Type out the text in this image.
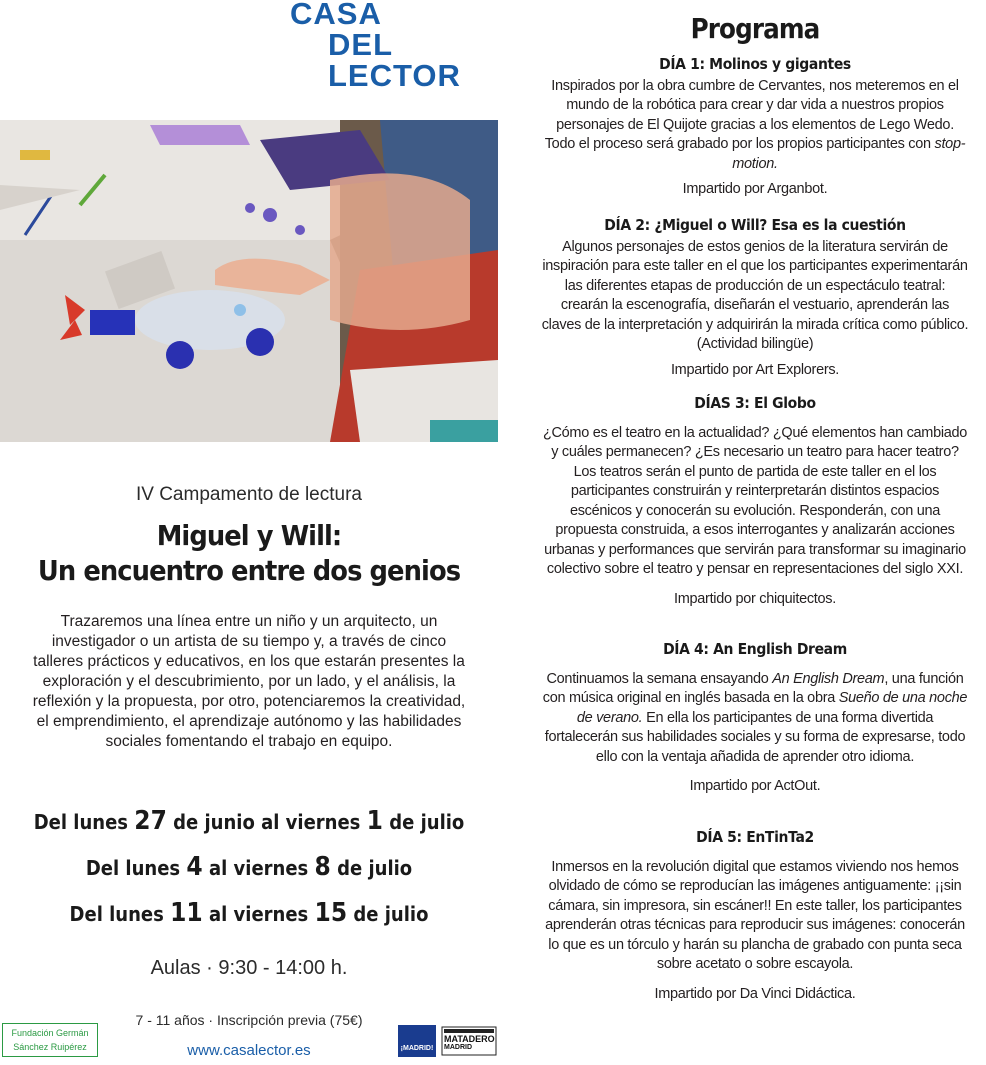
CASA
DEL
LECTOR
IV Campamento de lectura
Miguel y Will:
Un encuentro entre dos genios
Trazaremos una línea entre un niño y un arquitecto, un investigador o un artista de su tiempo y, a través de cinco talleres prácticos y educativos, en los que estarán presentes la exploración y el descubrimiento, por un lado, y el análisis, la reflexión y la propuesta, por otro, potenciaremos la creatividad, el emprendimiento, el aprendizaje autónomo y las habilidades sociales fomentando el trabajo en equipo.
Del lunes 27 de junio al viernes 1 de julio
Del lunes 4 al viernes 8 de julio
Del lunes 11 al viernes 15 de julio
Aulas · 9:30 - 14:00 h.
7 - 11 años · Inscripción previa (75€)
www.casalector.es
Fundación Germán
Sánchez Ruipérez	¡MADRID!
MATADERO
MADRID
Programa
DÍA 1: Molinos y gigantes
Inspirados por la obra cumbre de Cervantes, nos meteremos en el mundo de la robótica para crear y dar vida a nuestros propios personajes de El Quijote gracias a los elementos de Lego Wedo. Todo el proceso será grabado por los propios participantes con stop-motion.
Impartido por Arganbot.
DÍA 2: ¿Miguel o Will? Esa es la cuestión
Algunos personajes de estos genios de la literatura servirán de inspiración para este taller en el que los participantes experimentarán las diferentes etapas de producción de un espectáculo teatral: crearán la escenografía, diseñarán el vestuario, aprenderán las claves de la interpretación y adquirirán la mirada crítica como público. (Actividad bilingüe)
Impartido por Art Explorers.
DÍAS 3: El Globo
¿Cómo es el teatro en la actualidad? ¿Qué elementos han cambiado y cuáles permanecen? ¿Es necesario un teatro para hacer teatro? Los teatros serán el punto de partida de este taller en el los participantes construirán y reinterpretarán distintos espacios escénicos y conocerán su evolución. Responderán, con una propuesta construida, a esos interrogantes y analizarán acciones urbanas y performances que servirán para transformar su imaginario colectivo sobre el teatro y pensar en representaciones del siglo XXI.
Impartido por chiquitectos.
DÍA 4: An English Dream
Continuamos la semana ensayando An English Dream, una función con música original en inglés basada en la obra Sueño de una noche de verano. En ella los participantes de una forma divertida fortalecerán sus habilidades sociales y su forma de expresarse, todo ello con la ventaja añadida de aprender otro idioma.
Impartido por ActOut.
DÍA 5: EnTinTa2
Inmersos en la revolución digital que estamos viviendo nos hemos olvidado de cómo se reproducían las imágenes antiguamente: ¡¡sin cámara, sin impresora, sin escáner!! En este taller, los participantes aprenderán otras técnicas para reproducir sus imágenes: conocerán lo que es un tórculo y harán su plancha de grabado con punta seca sobre acetato o sobre escayola.
Impartido por Da Vinci Didáctica.
